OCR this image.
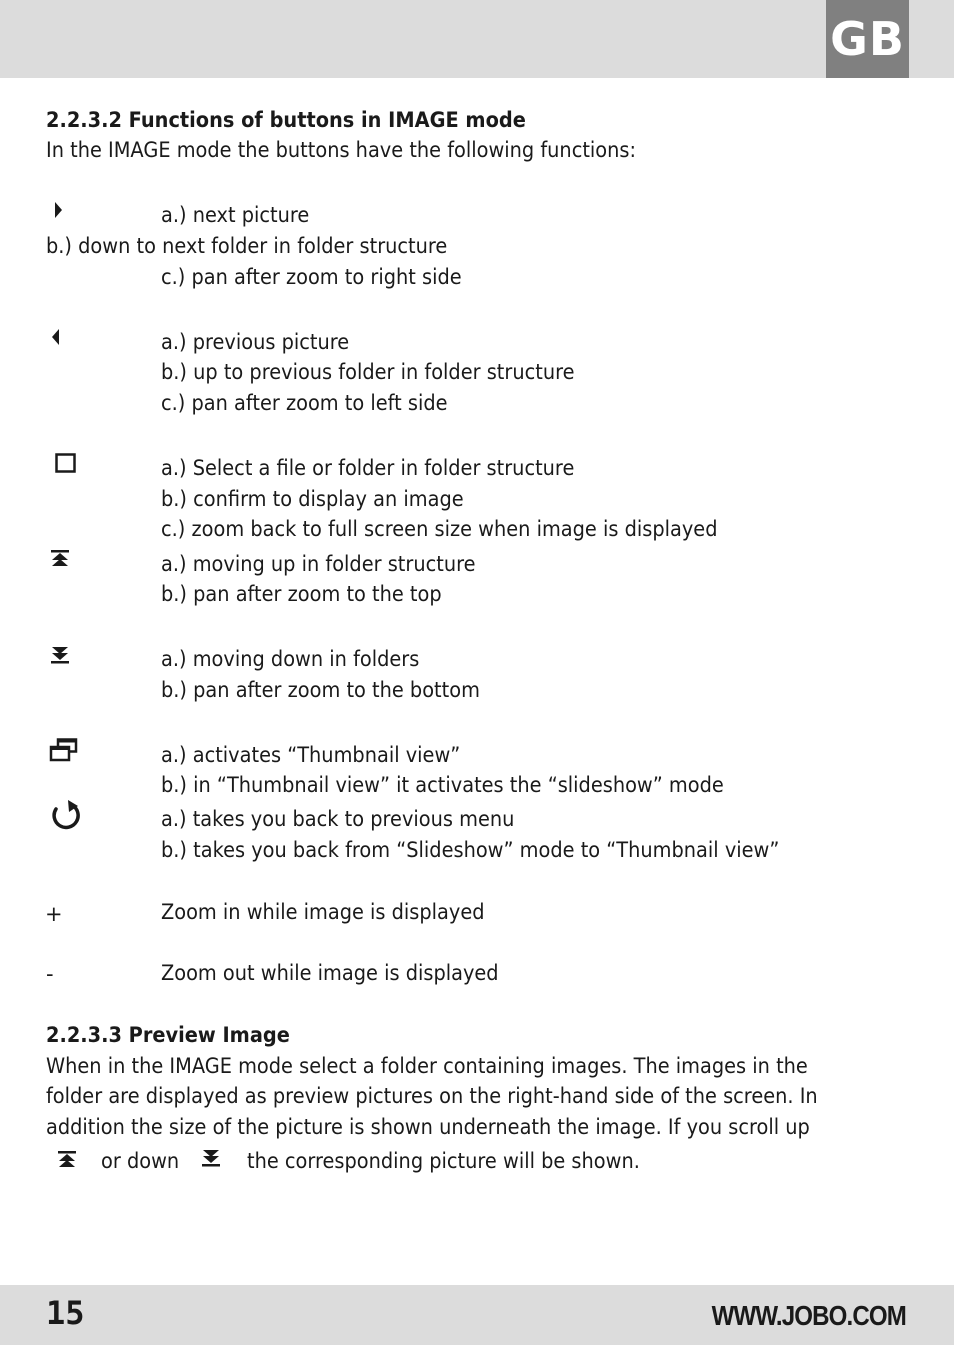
GB
2.2.3.2 Functions of buttons in IMAGE mode
In the IMAGE mode the buttons have the following functions:
a.) next picture
b.) down to next folder in folder structure
c.) pan after zoom to right side
a.) previous picture
b.) up to previous folder in folder structure
c.) pan after zoom to left side
a.) Select a file or folder in folder structure
b.) confirm to display an image
c.) zoom back to full screen size when image is displayed
a.) moving up in folder structure
b.) pan after zoom to the top
a.) moving down in folders
b.) pan after zoom to the bottom
a.) activates “Thumbnail view”
b.) in “Thumbnail view” it activates the “slideshow” mode
a.) takes you back to previous menu
b.) takes you back from “Slideshow” mode to “Thumbnail view”
+	Zoom in while image is displayed
-	Zoom out while image is displayed
2.2.3.3 Preview Image
When in the IMAGE mode select a folder containing images. The images in the
folder are displayed as preview pictures on the right-hand side of the screen. In
addition the size of the picture is shown underneath the image. If you scroll up
or down	the corresponding picture will be shown.
15	WWW.JOBO.COM
